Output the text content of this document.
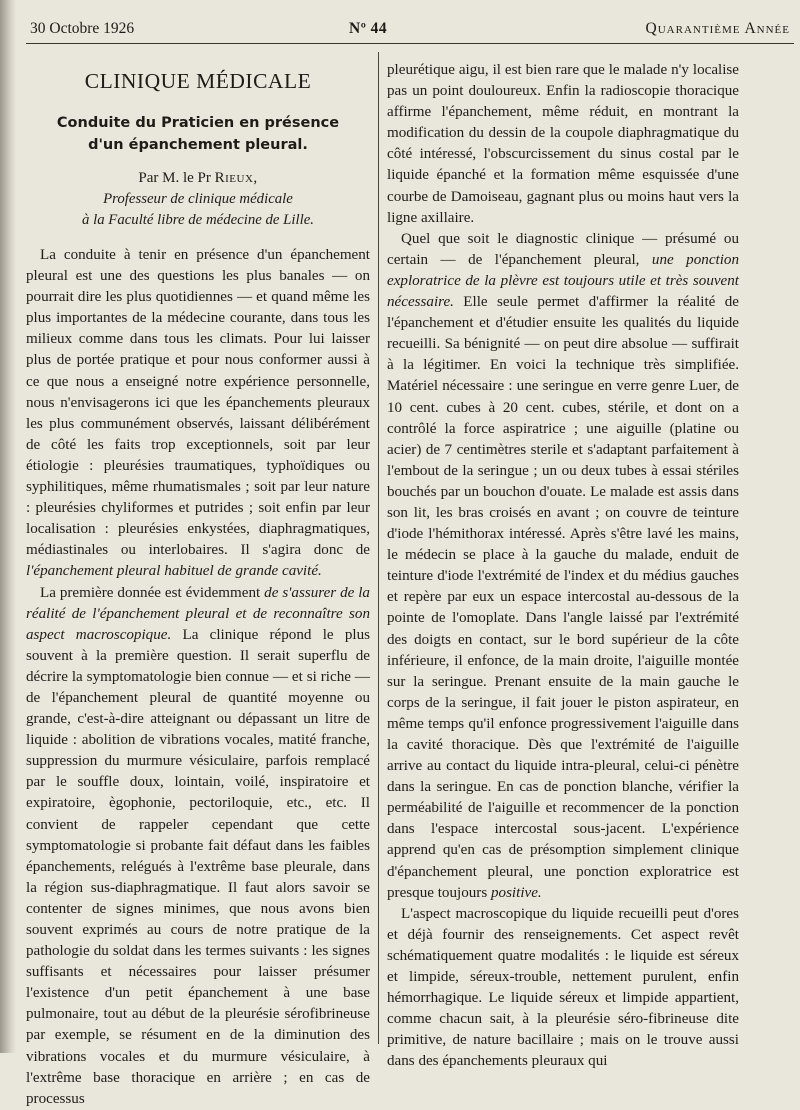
30 Octobre 1926	Nº 44	Quarantième Année
CLINIQUE MÉDICALE
Conduite du Praticien en présence
d'un épanchement pleural.

Par M. le Pr Rieux,

Professeur de clinique médicale

à la Faculté libre de médecine de Lille.

La conduite à tenir en présence d'un épanchement pleural est une des questions les plus banales — on pourrait dire les plus quotidiennes — et quand même les plus importantes de la médecine courante, dans tous les milieux comme dans tous les climats. Pour lui laisser plus de portée pratique et pour nous conformer aussi à ce que nous a enseigné notre expérience personnelle, nous n'envisagerons ici que les épanchements pleuraux les plus communément observés, laissant délibérément de côté les faits trop exceptionnels, soit par leur étiologie : pleurésies traumatiques, typhoïdiques ou syphilitiques, même rhumatismales ; soit par leur nature : pleurésies chyliformes et putrides ; soit enfin par leur localisation : pleurésies enkystées, diaphragmatiques, médiastinales ou interlobaires. Il s'agira donc de l'épanchement pleural habituel de grande cavité.

La première donnée est évidemment de s'assurer de la réalité de l'épanchement pleural et de reconnaître son aspect macroscopique. La clinique répond le plus souvent à la première question. Il serait superflu de décrire la symptomatologie bien connue — et si riche — de l'épanchement pleural de quantité moyenne ou grande, c'est-à-dire atteignant ou dépassant un litre de liquide : abolition de vibrations vocales, matité franche, suppression du murmure vésiculaire, parfois remplacé par le souffle doux, lointain, voilé, inspiratoire et expiratoire, ègophonie, pectoriloquie, etc., etc. Il convient de rappeler cependant que cette symptomatologie si probante fait défaut dans les faibles épanchements, relégués à l'extrême base pleurale, dans la région sus-diaphragmatique. Il faut alors savoir se contenter de signes minimes, que nous avons bien souvent exprimés au cours de notre pratique de la pathologie du soldat dans les termes suivants : les signes suffisants et nécessaires pour laisser présumer l'existence d'un petit épanchement à une base pulmonaire, tout au début de la pleurésie sérofibrineuse par exemple, se résument en de la diminution des vibrations vocales et du murmure vésiculaire, à l'extrême base thoracique en arrière ; en cas de processus

pleurétique aigu, il est bien rare que le malade n'y localise pas un point douloureux. Enfin la radioscopie thoracique affirme l'épanchement, même réduit, en montrant la modification du dessin de la coupole diaphragmatique du côté intéressé, l'obscurcissement du sinus costal par le liquide épanché et la formation même esquissée d'une courbe de Damoiseau, gagnant plus ou moins haut vers la ligne axillaire.

Quel que soit le diagnostic clinique — présumé ou certain — de l'épanchement pleural, une ponction exploratrice de la plèvre est toujours utile et très souvent nécessaire. Elle seule permet d'affirmer la réalité de l'épanchement et d'étudier ensuite les qualités du liquide recueilli. Sa bénignité — on peut dire absolue — suffirait à la légitimer. En voici la technique très simplifiée. Matériel nécessaire : une seringue en verre genre Luer, de 10 cent. cubes à 20 cent. cubes, stérile, et dont on a contrôlé la force aspiratrice ; une aiguille (platine ou acier) de 7 centimètres sterile et s'adaptant parfaitement à l'embout de la seringue ; un ou deux tubes à essai stériles bouchés par un bouchon d'ouate. Le malade est assis dans son lit, les bras croisés en avant ; on couvre de teinture d'iode l'hémithorax intéressé. Après s'être lavé les mains, le médecin se place à la gauche du malade, enduit de teinture d'iode l'extrémité de l'index et du médius gauches et repère par eux un espace intercostal au-dessous de la pointe de l'omoplate. Dans l'angle laissé par l'extrémité des doigts en contact, sur le bord supérieur de la côte inférieure, il enfonce, de la main droite, l'aiguille montée sur la seringue. Prenant ensuite de la main gauche le corps de la seringue, il fait jouer le piston aspirateur, en même temps qu'il enfonce progressivement l'aiguille dans la cavité thoracique. Dès que l'extrémité de l'aiguille arrive au contact du liquide intra-pleural, celui-ci pénètre dans la seringue. En cas de ponction blanche, vérifier la perméabilité de l'aiguille et recommencer de la ponction dans l'espace intercostal sous-jacent. L'expérience apprend qu'en cas de présomption simplement clinique d'épanchement pleural, une ponction exploratrice est presque toujours positive.

L'aspect macroscopique du liquide recueilli peut d'ores et déjà fournir des renseignements. Cet aspect revêt schématiquement quatre modalités : le liquide est séreux et limpide, séreux-trouble, nettement purulent, enfin hémorrhagique. Le liquide séreux et limpide appartient, comme chacun sait, à la pleurésie séro-fibrineuse dite primitive, de nature bacillaire ; mais on le trouve aussi dans des épanchements pleuraux qui
